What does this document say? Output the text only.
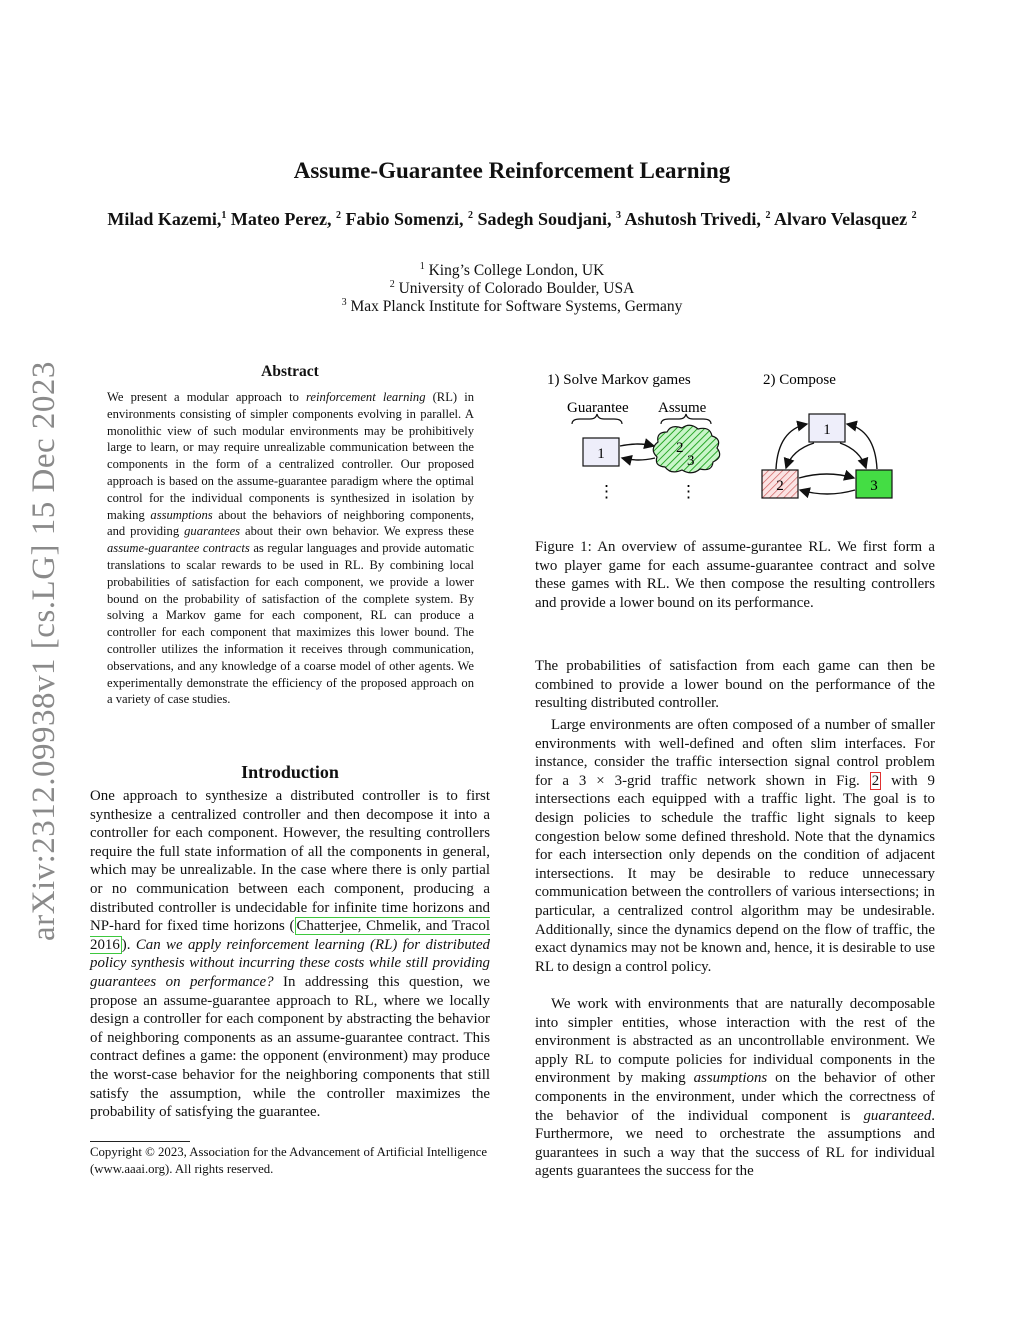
arXiv:2312.09938v1 [cs.LG] 15 Dec 2023
Assume-Guarantee Reinforcement Learning
Milad Kazemi,$^1$ Mateo Perez, $^2$ Fabio Somenzi, $^2$ Sadegh Soudjani, $^3$ Ashutosh Trivedi, $^2$ Alvaro Velasquez $^2$
$^1$ King’s College London, UK
$^2$ University of Colorado Boulder, USA
$^3$ Max Planck Institute for Software Systems, Germany
Abstract
We present a modular approach to reinforcement learning (RL) in environments consisting of simpler components evolving in parallel. A monolithic view of such modular environments may be prohibitively large to learn, or may require unrealizable communication between the components in the form of a centralized controller. Our proposed approach is based on the assume-guarantee paradigm where the optimal control for the individual components is synthesized in isolation by making assumptions about the behaviors of neighboring components, and providing guarantees about their own behavior. We express these assume-guarantee contracts as regular languages and provide automatic translations to scalar rewards to be used in RL. By combining local probabilities of satisfaction for each component, we provide a lower bound on the probability of satisfaction of the complete system. By solving a Markov game for each component, RL can produce a controller for each component that maximizes this lower bound. The controller utilizes the information it receives through communication, observations, and any knowledge of a coarse model of other agents. We experimentally demonstrate the efficiency of the proposed approach on a variety of case studies.
Introduction
One approach to synthesize a distributed controller is to first synthesize a centralized controller and then decompose it into a controller for each component. However, the resulting controllers require the full state information of all the components in general, which may be unrealizable. In the case where there is only partial or no communication between each component, producing a distributed controller is undecidable for infinite time horizons and NP-hard for fixed time horizons ( Chatterjee, Chmelik, and Tracol 2016 ). Can we apply reinforcement learning (RL) for distributed policy synthesis without incurring these costs while still providing guarantees on performance? In addressing this question, we propose an assume-guarantee approach to RL, where we locally design a controller for each component by abstracting the behavior of neighboring components as an assume-guarantee contract. This contract defines a game: the opponent (environment) may produce the worst-case behavior for the neighboring components that still satisfy the assumption, while the controller maximizes the probability of satisfying the guarantee.
Copyright © 2023, Association for the Advancement of Artificial Intelligence (www.aaai.org). All rights reserved.
1) Solve Markov games	2) Compose
Guarantee Assume
1	2
3
⋮	⋮
1
2	3
Figure 1: An overview of assume-gurantee RL. We first form a two player game for each assume-guarantee contract and solve these games with RL. We then compose the resulting controllers and provide a lower bound on its performance.

The probabilities of satisfaction from each game can then be combined to provide a lower bound on the performance of the resulting distributed controller.

Large environments are often composed of a number of smaller environments with well-defined and often slim interfaces. For instance, consider the traffic intersection signal control problem for a 3 × 3-grid traffic network shown in Fig. 2 with 9 intersections each equipped with a traffic light. The goal is to design policies to schedule the traffic light signals to keep congestion below some defined threshold. Note that the dynamics for each intersection only depends on the condition of adjacent intersections. It may be desirable to reduce unnecessary communication between the controllers of various intersections; in particular, a centralized control algorithm may be undesirable. Additionally, since the dynamics depend on the flow of traffic, the exact dynamics may not be known and, hence, it is desirable to use RL to design a control policy.

We work with environments that are naturally decomposable into simpler entities, whose interaction with the rest of the environment is abstracted as an uncontrollable environment. We apply RL to compute policies for individual components in the environment by making assumptions on the behavior of other components in the environment, under which the correctness of the behavior of the individual component is guaranteed. Furthermore, we need to orchestrate the assumptions and guarantees in such a way that the success of RL for individual agents guarantees the success for the
